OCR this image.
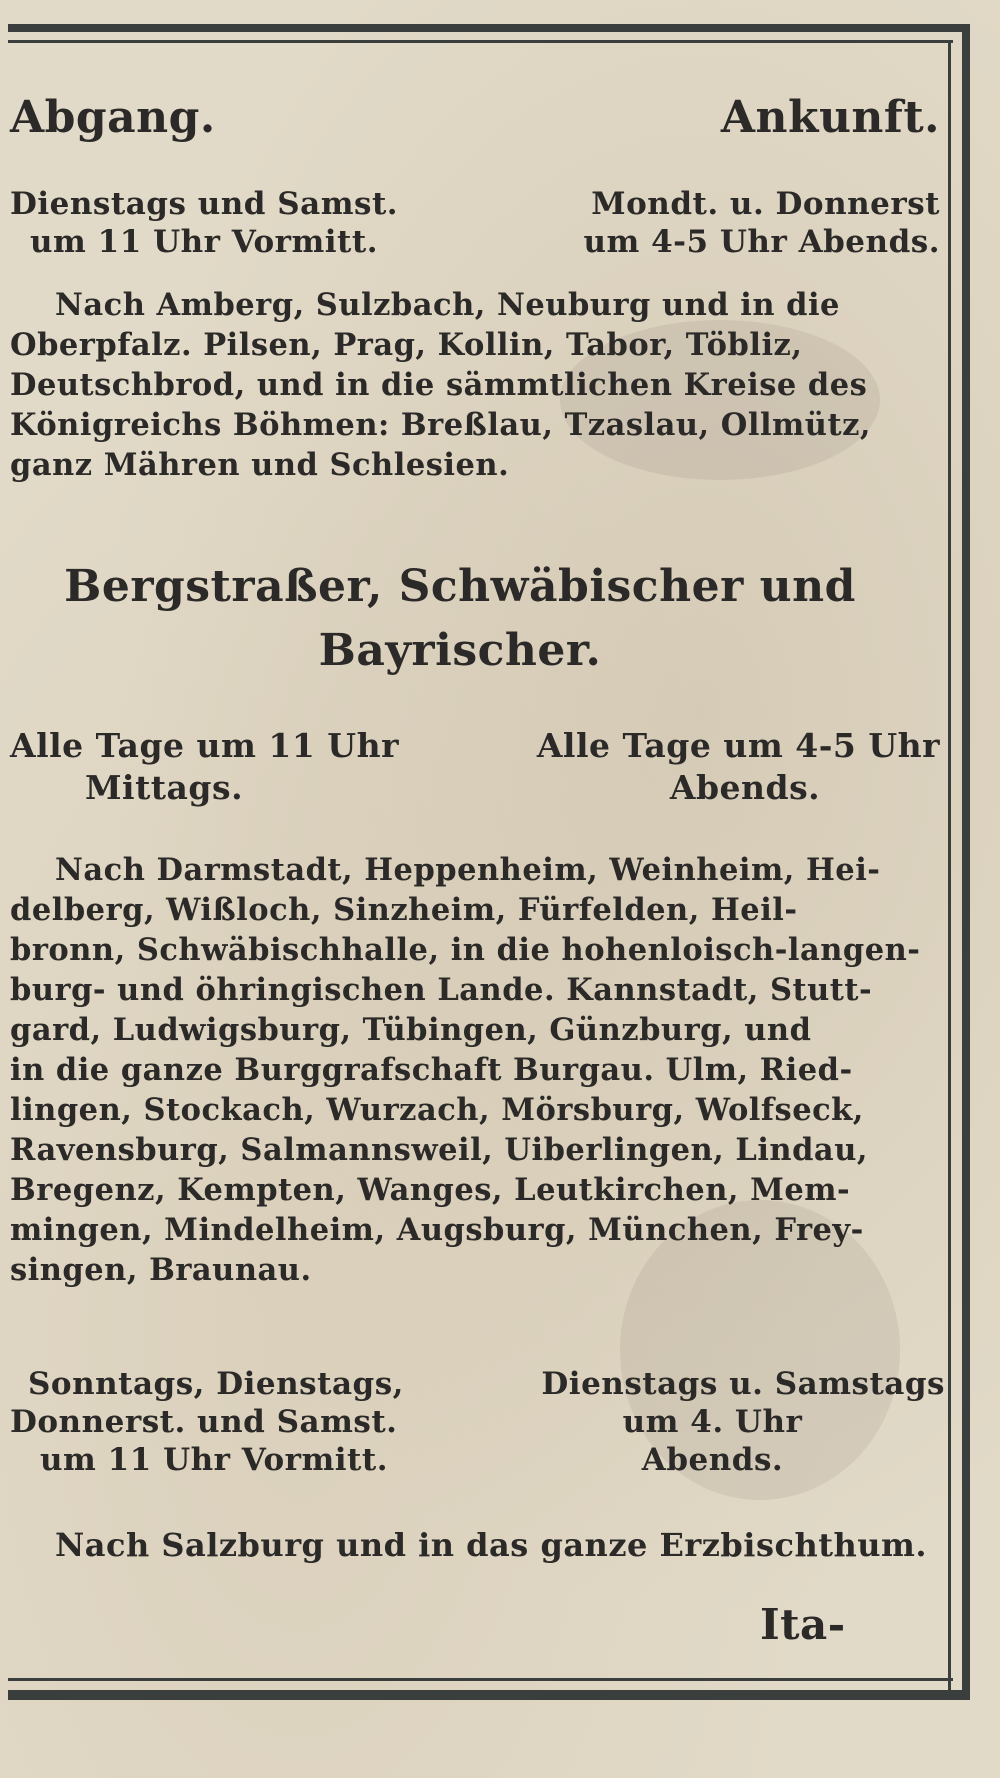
Abgang.	Ankunft.
Dienstags und Samst.
um 11 Uhr Vormitt.
Mondt. u. Donnerst
um 4-5 Uhr Abends.
Nach Amberg, Sulzbach, Neuburg und in die
Oberpfalz. Pilsen, Prag, Kollin, Tabor, Töbliz,
Deutschbrod, und in die sämmtlichen Kreise des
Königreichs Böhmen: Breßlau, Tzaslau, Ollmütz,
ganz Mähren und Schlesien.
Bergstraßer, Schwäbischer und
Bayrischer.
Alle Tage um 11 Uhr
Mittags.
Alle Tage um 4-5 Uhr
Abends.
Nach Darmstadt, Heppenheim, Weinheim, Hei-
delberg, Wißloch, Sinzheim, Fürfelden, Heil-
bronn, Schwäbischhalle, in die hohenloisch-langen-
burg- und öhringischen Lande. Kannstadt, Stutt-
gard, Ludwigsburg, Tübingen, Günzburg, und
in die ganze Burggrafschaft Burgau. Ulm, Ried-
lingen, Stockach, Wurzach, Mörsburg, Wolfseck,
Ravensburg, Salmannsweil, Uiberlingen, Lindau,
Bregenz, Kempten, Wanges, Leutkirchen, Mem-
mingen, Mindelheim, Augsburg, München, Frey-
singen, Braunau.
Sonntags, Dienstags,
Donnerst. und Samst.
um 11 Uhr Vormitt.
Dienstags u. Samstags
um 4. Uhr
Abends.
Nach Salzburg und in das ganze Erzbischthum.
Ita-
